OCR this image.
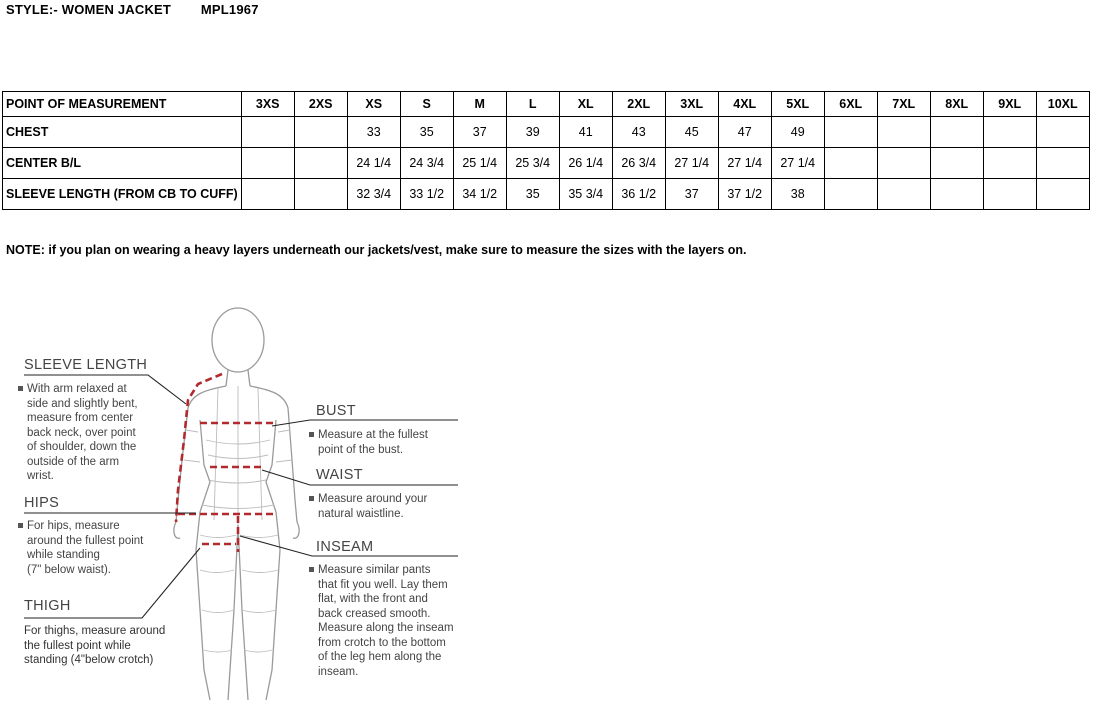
STYLE:- WOMEN JACKET MPL1967
POINT OF MEASUREMENT	3XS	2XS	XS	S	M	L	XL	2XL	3XL	4XL	5XL	6XL	7XL	8XL	9XL	10XL
CHEST			33	35	37	39	41	43	45	47	49					
CENTER B/L			24 1/4	24 3/4	25 1/4	25 3/4	26 1/4	26 3/4	27 1/4	27 1/4	27 1/4					
SLEEVE LENGTH (FROM CB TO CUFF)			32 3/4	33 1/2	34 1/2	35	35 3/4	36 1/2	37	37 1/2	38					
NOTE: if you plan on wearing a heavy layers underneath our jackets/vest, make sure to measure the sizes with the layers on.
SLEEVE LENGTH
With arm relaxed at
side and slightly bent,
measure from center
back neck, over point
of shoulder, down the
outside of the arm
wrist.
HIPS
For hips, measure
around the fullest point
while standing
(7" below waist).
THIGH
For thighs, measure around
the fullest point while
standing (4"below crotch)
BUST
Measure at the fullest
point of the bust.
WAIST
Measure around your
natural waistline.
INSEAM
Measure similar pants
that fit you well. Lay them
flat, with the front and
back creased smooth.
Measure along the inseam
from crotch to the bottom
of the leg hem along the
inseam.
